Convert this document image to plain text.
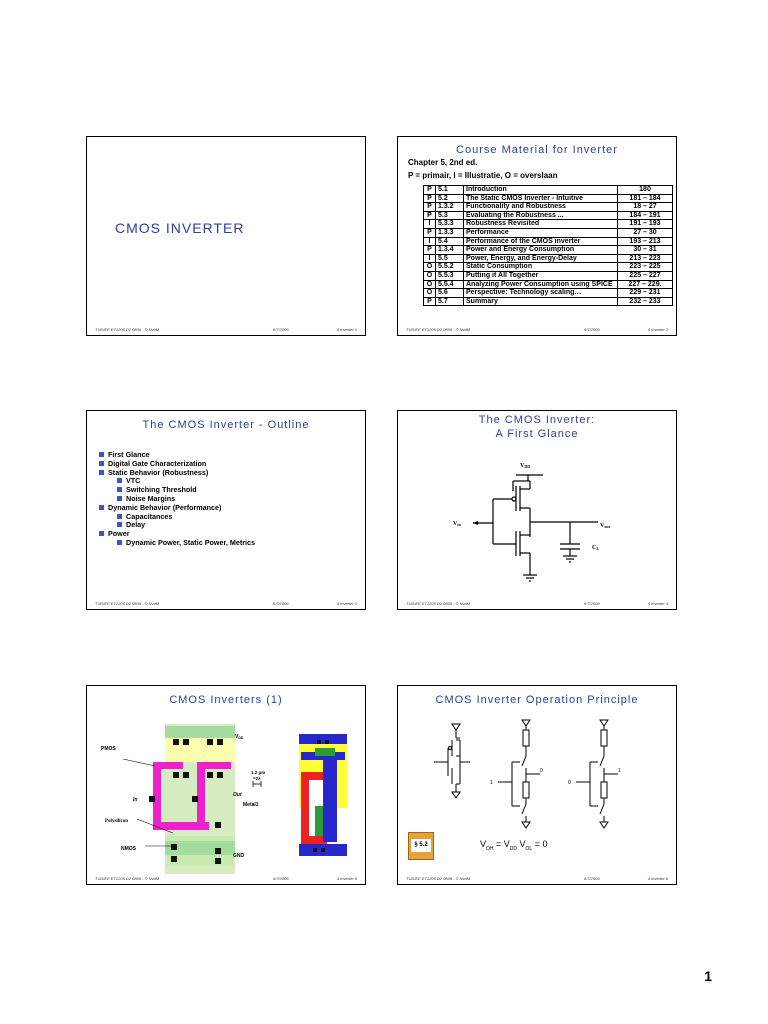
CMOS INVERTER
TUD/EE ET1205 D2 0809 - © NvdM	6/7/2009	4 Inverter 1
Course Material for Inverter
Chapter 5, 2nd ed.
P = primair, I = Illustratie, O = overslaan
P	5.1	Introduction	180
P	5.2	The Static CMOS Inverter - Intuitive	181 – 184
P	1.3.2	Functionality and Robustness	18 – 27
P	5.3	Evaluating the Robustness ...	184 – 191
I	5.3.3	Robustness Revisited	191 – 193
P	1.3.3	Performance	27 – 30
I	5.4	Performance of the CMOS inverter	193 – 213
P	1.3.4	Power and Energy Consumption	30 – 31
I	5.5	Power, Energy, and Energy-Delay	213 – 223
O	5.5.2	Static Consumption	223 – 225
O	5.5.3	Putting it All Together	225 – 227
O	5.5.4	Analyzing Power Consumption using SPICE	227 – 229.
O	5.6	Perspective: Technology scaling…	229 – 231
P	5.7	Summary	232 – 233
TUD/EE ET1205 D2 0809 - © NvdM	6/7/2009	4 Inverter 2
The CMOS Inverter - Outline
First Glance
Digital Gate Characterization
Static Behavior (Robustness)
VTC
Switching Threshold
Noise Margins
Dynamic Behavior (Performance)
Capacitances
Delay
Power
Dynamic Power, Static Power, Metrics
TUD/EE ET1205 D2 0809 - © NvdM	6/7/2009	4 Inverter 3
The CMOS Inverter:
A First Glance
VDD
Vin	Vout
CL
TUD/EE ET1205 D2 0809 - © NvdM	6/7/2009	4 Inverter 4
CMOS Inverters (1)
$V_{DD}$
PMOS
In
Polysilicon
NMOS
GND
1.2 μm
=2λ
Out
Metal1
TUD/EE ET1205 D2 0809 - © NvdM	6/7/2009	4 Inverter 5
CMOS Inverter Operation Principle
1
0
0
1
§ 5.2	$V_{OH} = V_{DD}$ $V_{OL} = 0$
TUD/EE ET1205 D2 0809 - © NvdM	6/7/2009	4 Inverter 6
1
